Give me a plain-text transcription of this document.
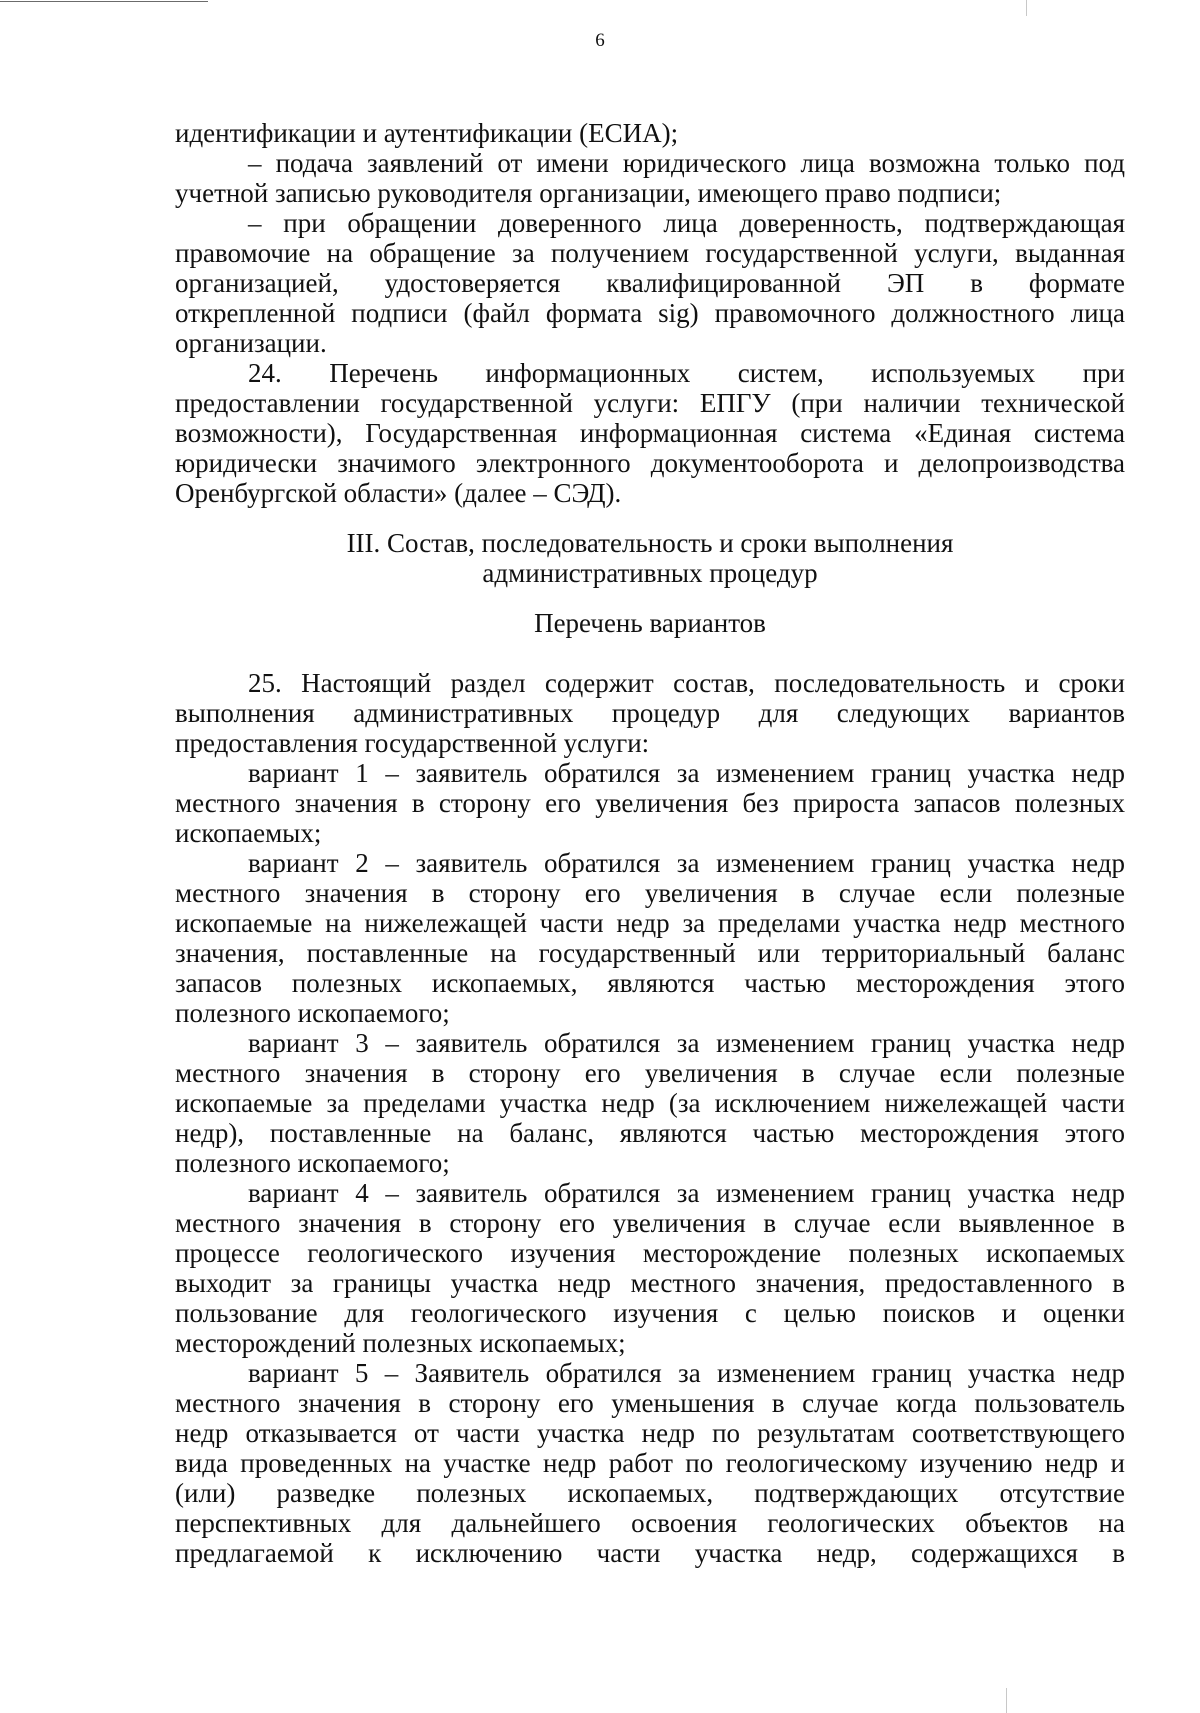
6
идентификации и аутентификации (ЕСИА);
– подача заявлений от имени юридического лица возможна только под
учетной записью руководителя организации, имеющего право подписи;
– при обращении доверенного лица доверенность, подтверждающая
правомочие на обращение за получением государственной услуги, выданная
организацией, удостоверяется квалифицированной ЭП в формате
открепленной подписи (файл формата sig) правомочного должностного лица
организации.
24. Перечень информационных систем, используемых при
предоставлении государственной услуги: ЕПГУ (при наличии технической
возможности), Государственная информационная система «Единая система
юридически значимого электронного документооборота и делопроизводства
Оренбургской области» (далее – СЭД).
III. Состав, последовательность и сроки выполнения
административных процедур
Перечень вариантов
25. Настоящий раздел содержит состав, последовательность и сроки
выполнения административных процедур для следующих вариантов
предоставления государственной услуги:
вариант 1 – заявитель обратился за изменением границ участка недр
местного значения в сторону его увеличения без прироста запасов полезных
ископаемых;
вариант 2 – заявитель обратился за изменением границ участка недр
местного значения в сторону его увеличения в случае если полезные
ископаемые на нижележащей части недр за пределами участка недр местного
значения, поставленные на государственный или территориальный баланс
запасов полезных ископаемых, являются частью месторождения этого
полезного ископаемого;
вариант 3 – заявитель обратился за изменением границ участка недр
местного значения в сторону его увеличения в случае если полезные
ископаемые за пределами участка недр (за исключением нижележащей части
недр), поставленные на баланс, являются частью месторождения этого
полезного ископаемого;
вариант 4 – заявитель обратился за изменением границ участка недр
местного значения в сторону его увеличения в случае если выявленное в
процессе геологического изучения месторождение полезных ископаемых
выходит за границы участка недр местного значения, предоставленного в
пользование для геологического изучения с целью поисков и оценки
месторождений полезных ископаемых;
вариант 5 – Заявитель обратился за изменением границ участка недр
местного значения в сторону его уменьшения в случае когда пользователь
недр отказывается от части участка недр по результатам соответствующего
вида проведенных на участке недр работ по геологическому изучению недр и
(или) разведке полезных ископаемых, подтверждающих отсутствие
перспективных для дальнейшего освоения геологических объектов на
предлагаемой к исключению части участка недр, содержащихся в
